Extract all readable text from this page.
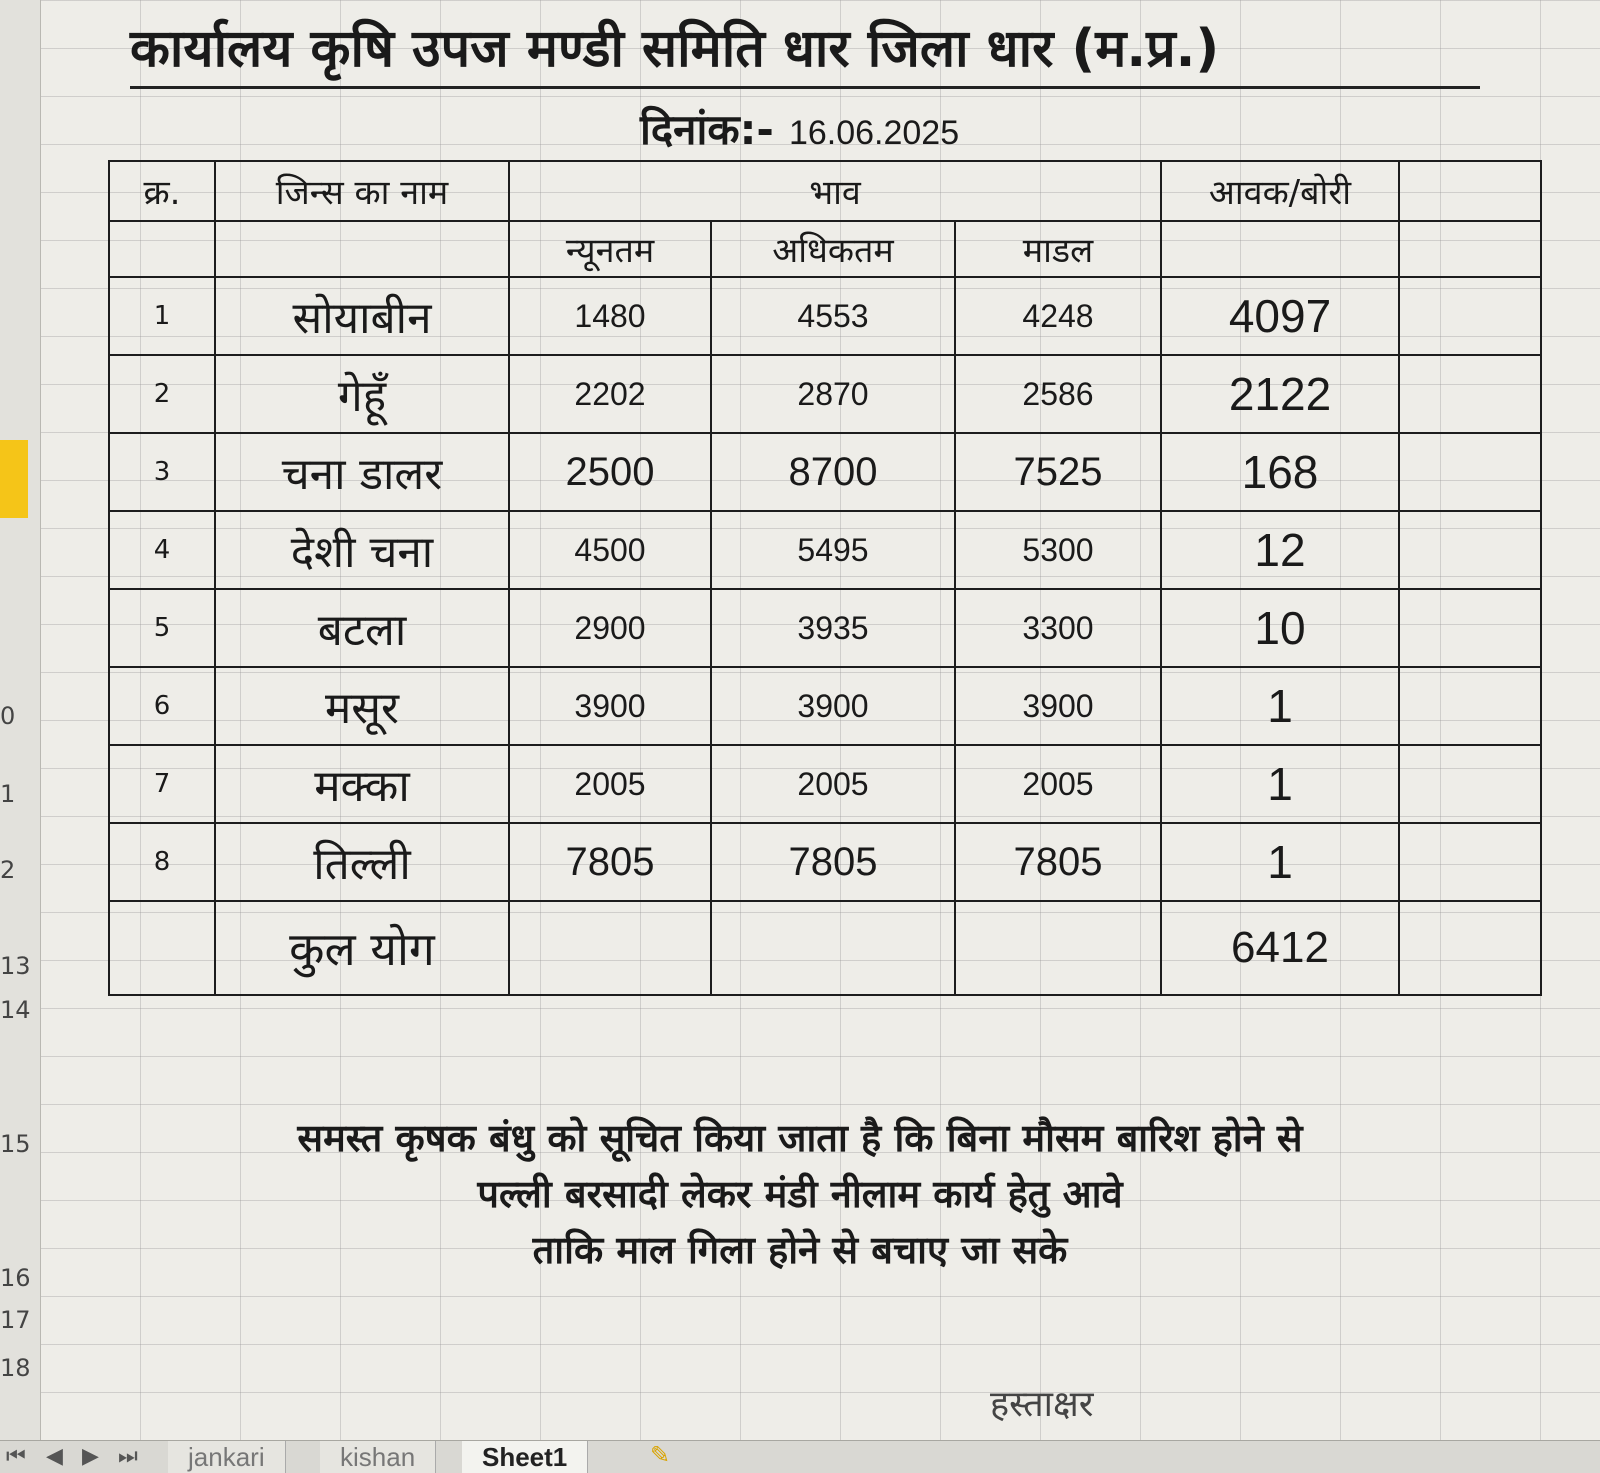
0
1
2
13
14
15
16
17
18
कार्यालय कृषि उपज मण्डी समिति धार जिला धार (म.प्र.)
दिनांक:- 16.06.2025
क्र.	जिन्स का नाम	भाव			आवक/बोरी	
		न्यूनतम	अधिकतम	माडल		
1	सोयाबीन	1480	4553	4248	4097	
2	गेहूँ	2202	2870	2586	2122	
3	चना डालर	2500	8700	7525	168	
4	देशी चना	4500	5495	5300	12	
5	बटला	2900	3935	3300	10	
6	मसूर	3900	3900	3900	1	
7	मक्का	2005	2005	2005	1	
8	तिल्ली	7805	7805	7805	1	
	कुल योग				6412	
समस्त कृषक बंधु को सूचित किया जाता है कि बिना मौसम बारिश होने से
पल्ली बरसादी लेकर मंडी नीलाम कार्य हेतु आवे
ताकि माल गिला होने से बचाए जा सके
हस्ताक्षर
⏮ ◀ ▶ ⏭	jankari	kishan	Sheet1	✎
